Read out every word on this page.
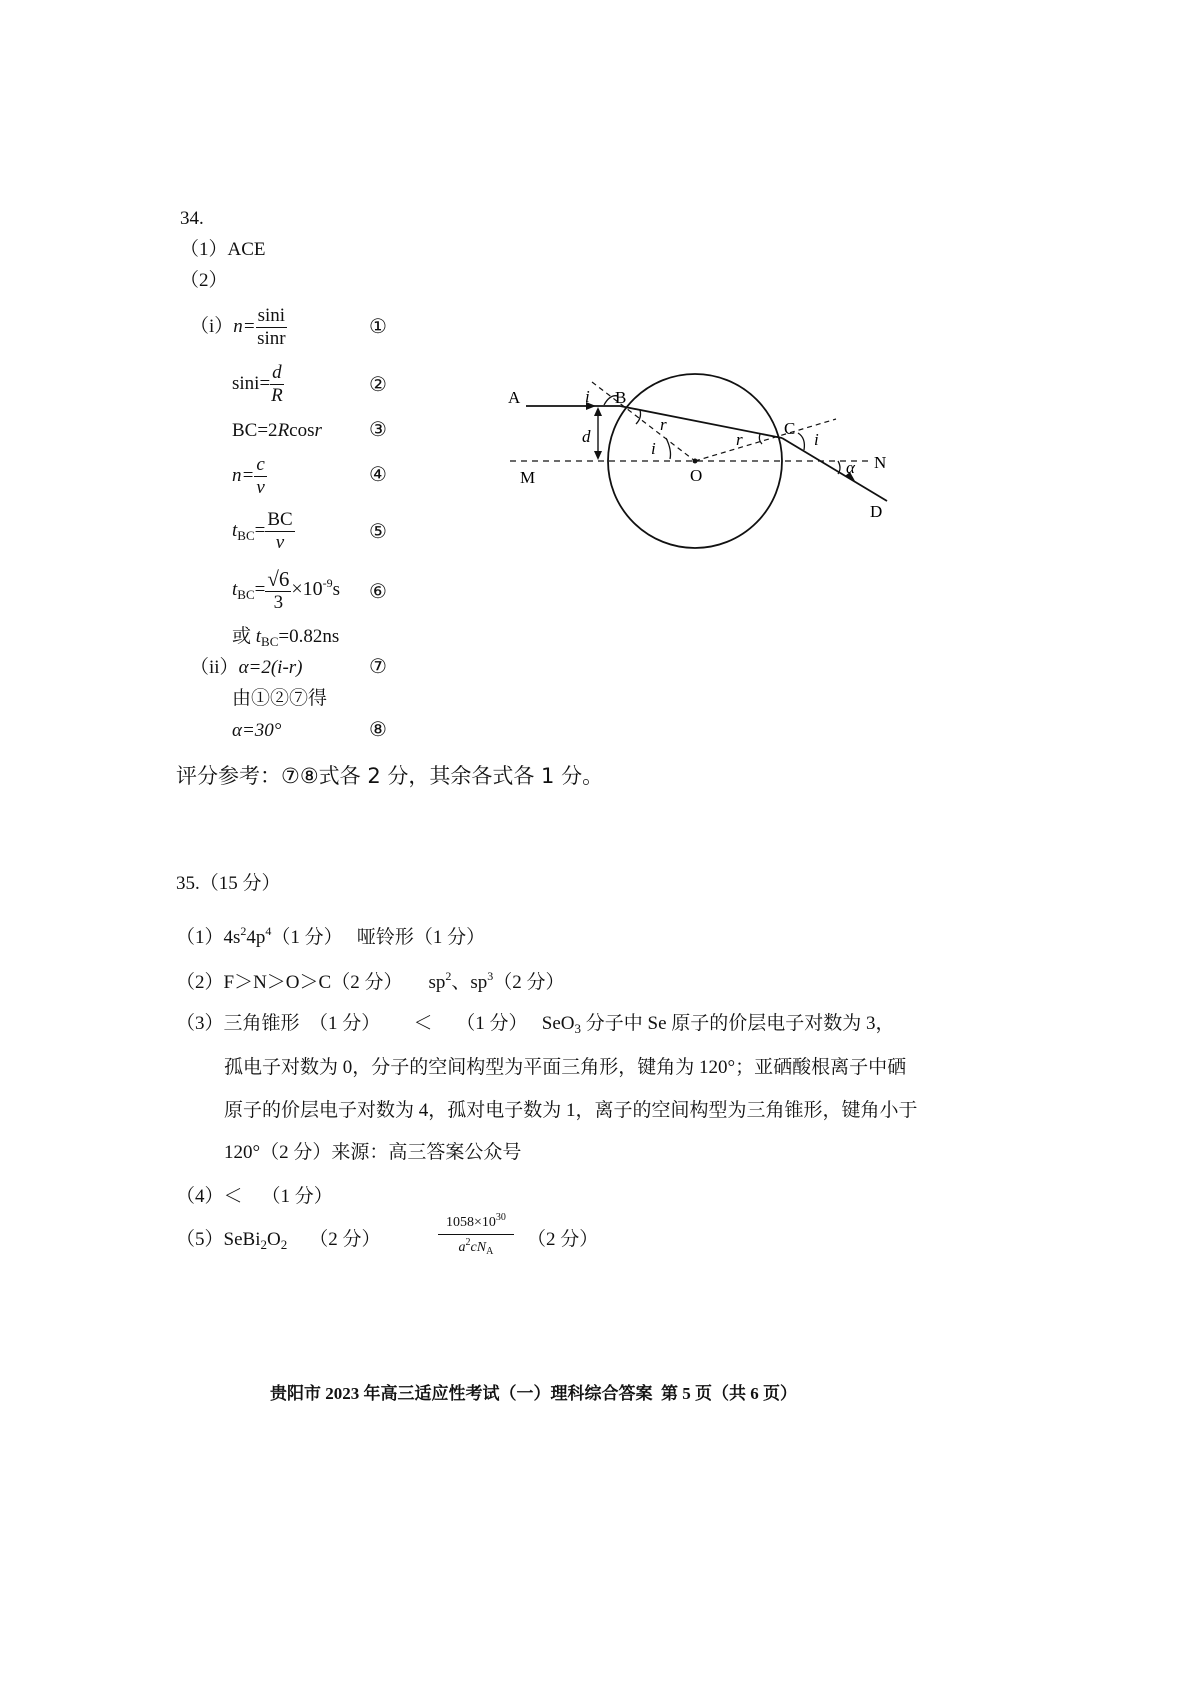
34.
（1）ACE
（2）
$(i)n= \frac{\sin i}{\sin r}$	①
$\sin i= \frac{d}{R}$	②
BC=2Rcosr ③
$n= \frac{c}{v}$	④
$t_{BC}= \frac{BC}{v}$	⑤
$t_{BC}= \frac{√6}{3} \times 10^{-9}s$ ⑥
或 $t_{BC}=0.82ns$
（ii）α=2(i-r)	⑦
由①②⑦得
α=30°	⑧
评分参考：⑦⑧式各 2 分，其余各式各 1 分。
A	B
C
D
M
N
O
d
i
r
i	r	i
α
35.（15 分）
$(1)4s^24p^4(1$ 分）   哑铃形（1 分）
（2）F＞N＞O＞C（2 分） $sp^2$、$sp^3(2$ 分）
（3）三角锥形  （1 分）       ＜     （1 分）   SeO$_3$ 分子中 Se 原子的价层电子对数为 3，
孤电子对数为 0，分子的空间构型为平面三角形，键角为 120°；亚硒酸根离子中硒
原子的价层电子对数为 4，孤对电子数为 1，离子的空间构型为三角锥形，键角小于
120°（2 分）来源：高三答案公众号
（4）＜    （1 分）
$(5)SeBi_2O_2$ （2 分）	$\frac{1058\times 10^{30}}{a^2cN_A} (2$ 分）
贵阳市 2023 年高三适应性考试（一）理科综合答案  第 5 页（共 6 页）
